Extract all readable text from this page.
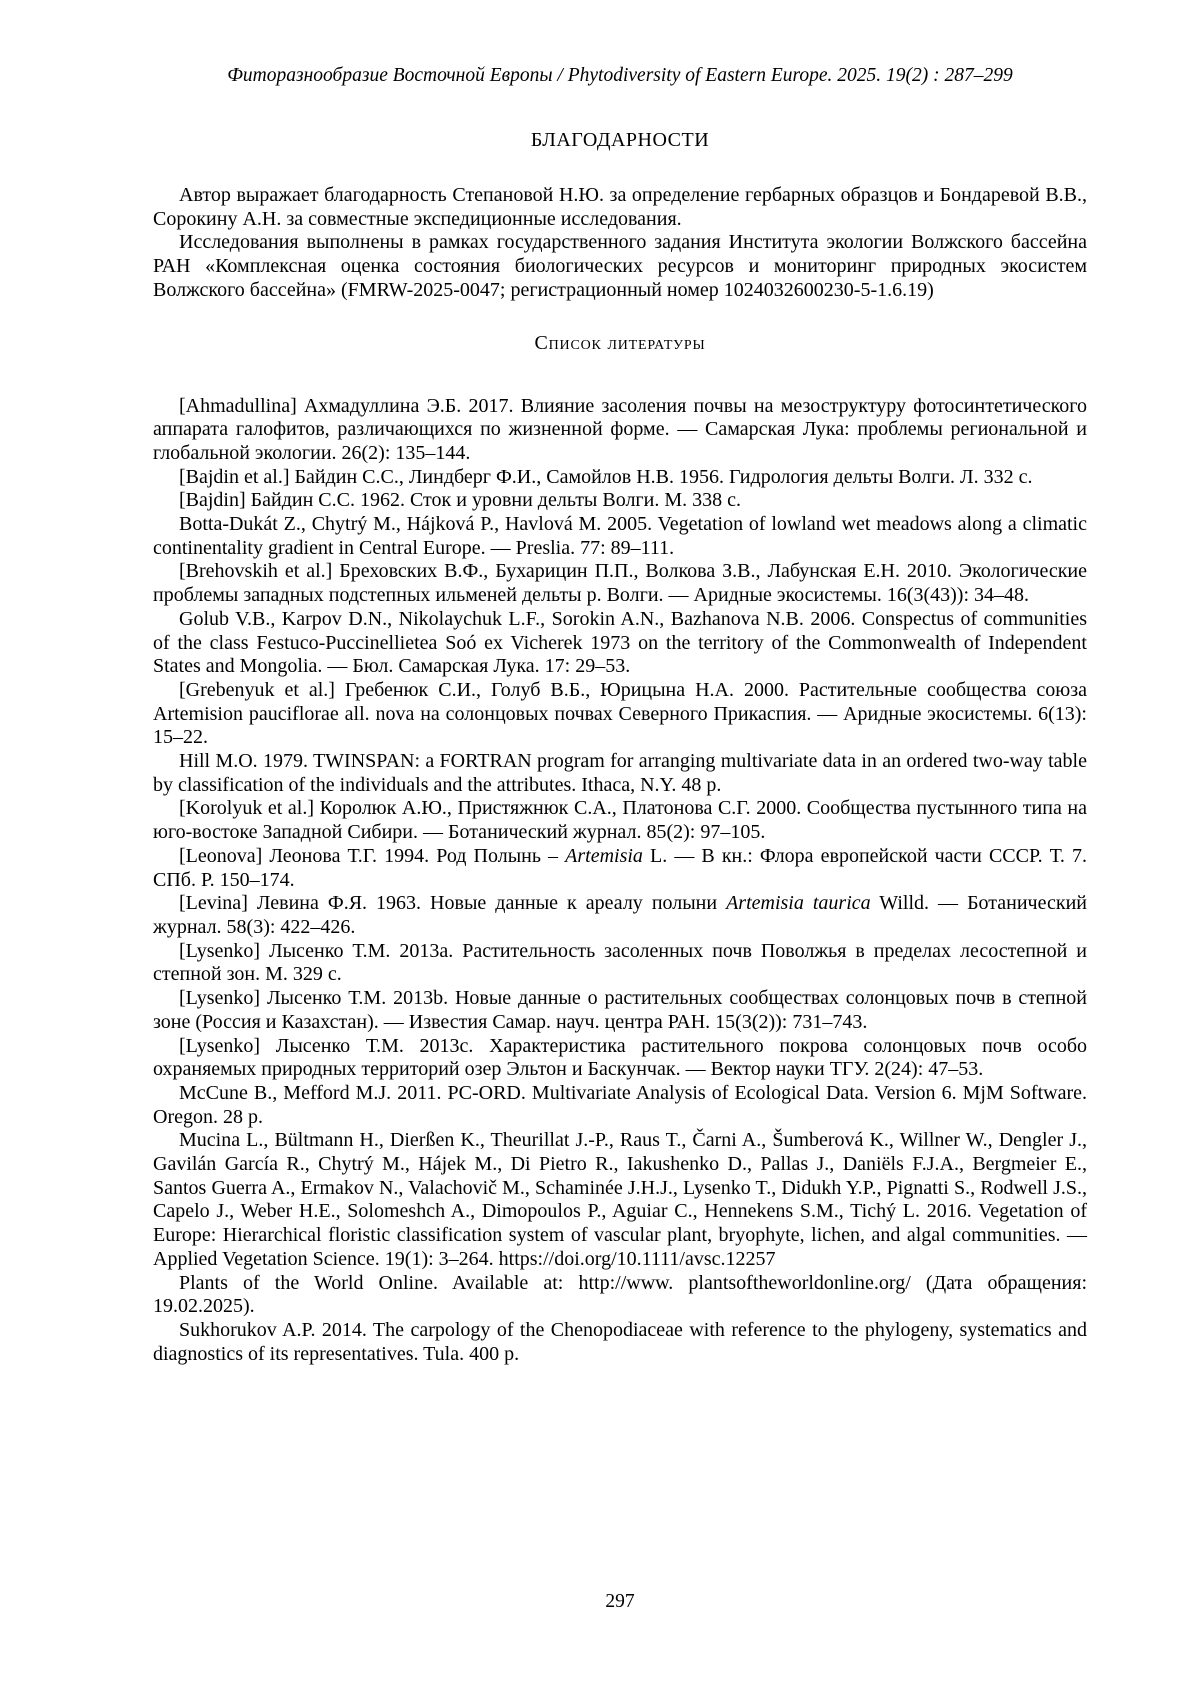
Фиторазнообразие Восточной Европы / Phytodiversity of Eastern Europe. 2025. 19(2) : 287–299

БЛАГОДАРНОСТИ

Автор выражает благодарность Степановой Н.Ю. за определение гербарных образцов и Бондаревой В.В., Сорокину А.Н. за совместные экспедиционные исследования.

Исследования выполнены в рамках государственного задания Института экологии Волжского бассейна РАН «Комплексная оценка состояния биологических ресурсов и мониторинг природных экосистем Волжского бассейна» (FMRW-2025-0047; регистрационный номер 1024032600230-5-1.6.19)

Список литературы

[Ahmadullina] Ахмадуллина Э.Б. 2017. Влияние засоления почвы на мезоструктуру фотосинтетического аппарата галофитов, различающихся по жизненной форме. — Самарская Лука: проблемы региональной и глобальной экологии. 26(2): 135–144.

[Bajdin et al.] Байдин С.С., Линдберг Ф.И., Самойлов Н.В. 1956. Гидрология дельты Волги. Л. 332 с.

[Bajdin] Байдин С.С. 1962. Сток и уровни дельты Волги. М. 338 с.

Botta-Dukát Z., Chytrý M., Hájková P., Havlová M. 2005. Vegetation of lowland wet meadows along a climatic continentality gradient in Central Europe. — Preslia. 77: 89–111.

[Brehovskih et al.] Бреховских В.Ф., Бухарицин П.П., Волкова З.В., Лабунская Е.Н. 2010. Экологические проблемы западных подстепных ильменей дельты р. Волги. — Аридные экосистемы. 16(3(43)): 34–48.

Golub V.B., Karpov D.N., Nikolaychuk L.F., Sorokin A.N., Bazhanova N.B. 2006. Conspectus of communities of the class Festuco-Puccinellietea Soó ex Vicherek 1973 on the territory of the Commonwealth of Independent States and Mongolia. — Бюл. Самарская Лука. 17: 29–53.

[Grebenyuk et al.] Гребенюк С.И., Голуб В.Б., Юрицына Н.А. 2000. Растительные сообщества союза Artemision pauciflorae all. nova на солонцовых почвах Северного Прикаспия. — Аридные экосистемы. 6(13): 15–22.

Hill M.O. 1979. TWINSPAN: a FORTRAN program for arranging multivariate data in an ordered two-way table by classification of the individuals and the attributes. Ithaca, N.Y. 48 p.

[Korolyuk et al.] Королюк А.Ю., Пристяжнюк С.А., Платонова С.Г. 2000. Сообщества пустынного типа на юго-востоке Западной Сибири. — Ботанический журнал. 85(2): 97–105.

[Leonova] Леонова Т.Г. 1994. Род Полынь – Artemisia L. — В кн.: Флора европейской части СССР. Т. 7. СПб. Р. 150–174.

[Levina] Левина Ф.Я. 1963. Новые данные к ареалу полыни Artemisia taurica Willd. — Ботанический журнал. 58(3): 422–426.

[Lysenko] Лысенко Т.М. 2013a. Растительность засоленных почв Поволжья в пределах лесостепной и степной зон. М. 329 с.

[Lysenko] Лысенко Т.М. 2013b. Новые данные о растительных сообществах солонцовых почв в степной зоне (Россия и Казахстан). — Известия Самар. науч. центра РАН. 15(3(2)): 731–743.

[Lysenko] Лысенко Т.М. 2013c. Характеристика растительного покрова солонцовых почв особо охраняемых природных территорий озер Эльтон и Баскунчак. — Вектор науки ТГУ. 2(24): 47–53.

McCune B., Mefford M.J. 2011. PC-ORD. Multivariate Analysis of Ecological Data. Version 6. MjM Software. Oregon. 28 p.

Mucina L., Bültmann H., Dierßen K., Theurillat J.-P., Raus T., Čarni A., Šumberová K., Willner W., Dengler J., Gavilán García R., Chytrý M., Hájek M., Di Pietro R., Iakushenko D., Pallas J., Daniëls F.J.A., Bergmeier E., Santos Guerra A., Ermakov N., Valachovič M., Schaminée J.H.J., Lysenko T., Didukh Y.P., Pignatti S., Rodwell J.S., Capelo J., Weber H.E., Solomeshch A., Dimopoulos P., Aguiar C., Hennekens S.M., Tichý L. 2016. Vegetation of Europe: Hierarchical floristic classification system of vascular plant, bryophyte, lichen, and algal communities. — Applied Vegetation Science. 19(1): 3–264. https://doi.org/10.1111/avsc.12257

Plants of the World Online. Available at: http://www. plantsoftheworldonline.org/ (Дата обращения: 19.02.2025).

Sukhorukov A.P. 2014. The carpology of the Chenopodiaceae with reference to the phylogeny, systematics and diagnostics of its representatives. Tula. 400 p.

297
